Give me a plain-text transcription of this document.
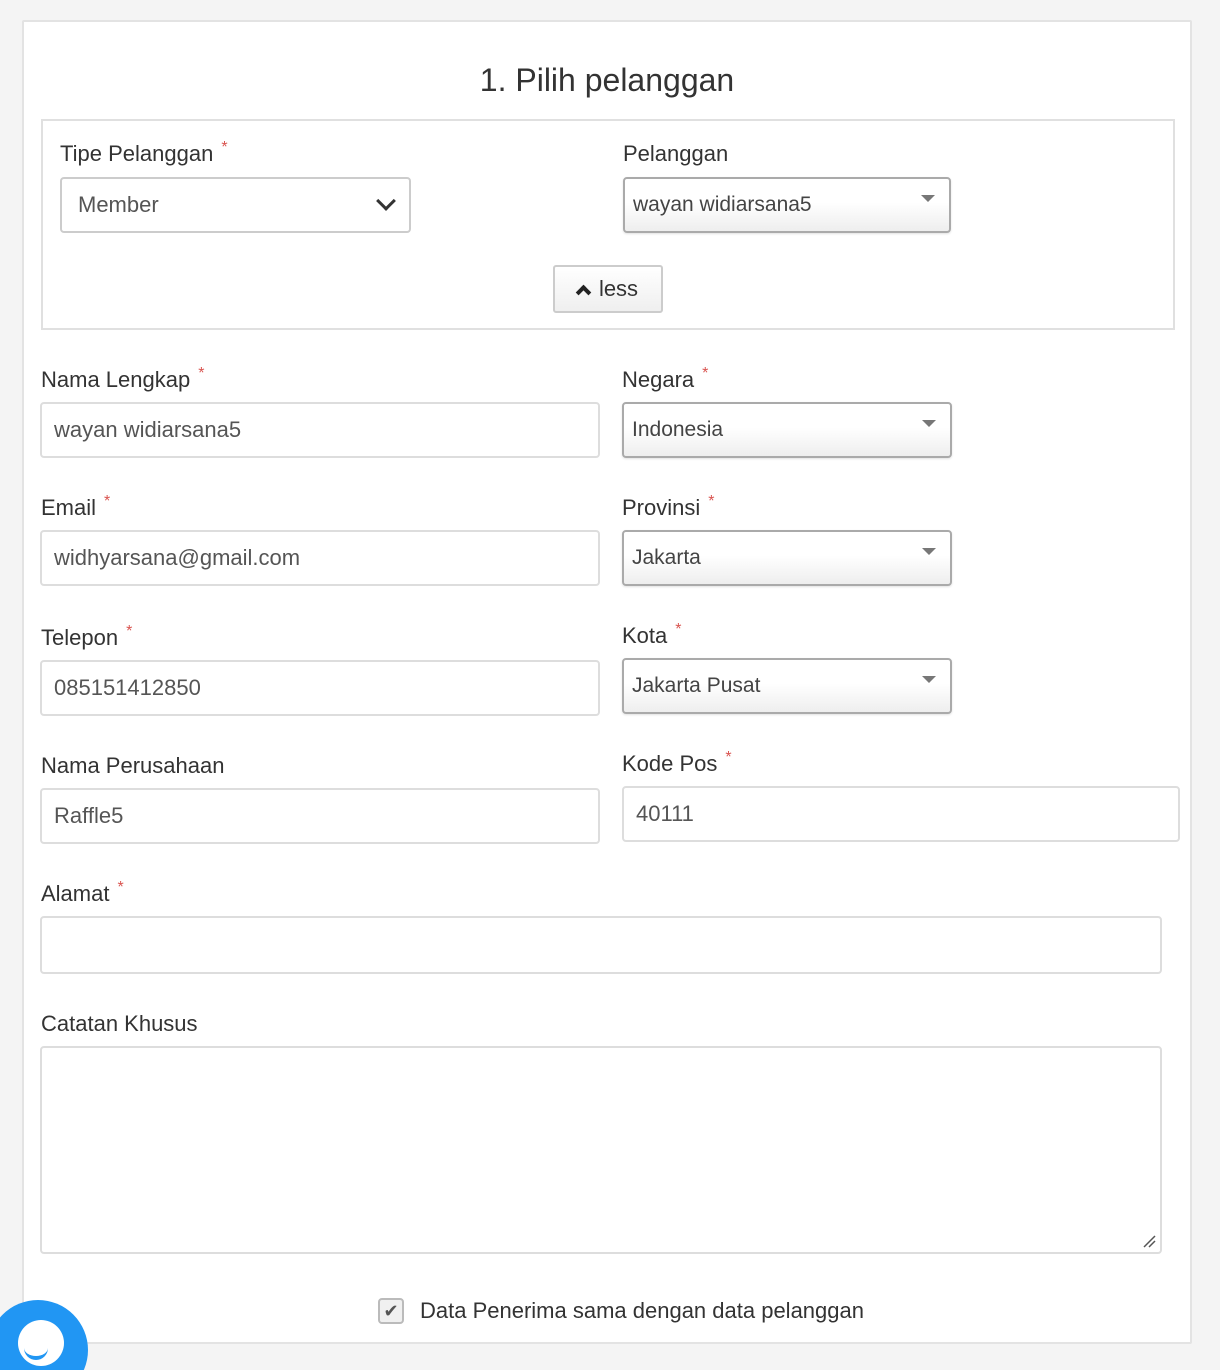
1. Pilih pelanggan
Tipe Pelanggan *
Member
Pelanggan
wayan widiarsana5
less
Nama Lengkap *
wayan widiarsana5
Email *
widhyarsana@gmail.com
Telepon *
085151412850
Nama Perusahaan
Raffle5
Negara *
Indonesia
Provinsi *
Jakarta
Kota *
Jakarta Pusat
Kode Pos *
40111
Alamat *
Catatan Khusus
✔ Data Penerima sama dengan data pelanggan
